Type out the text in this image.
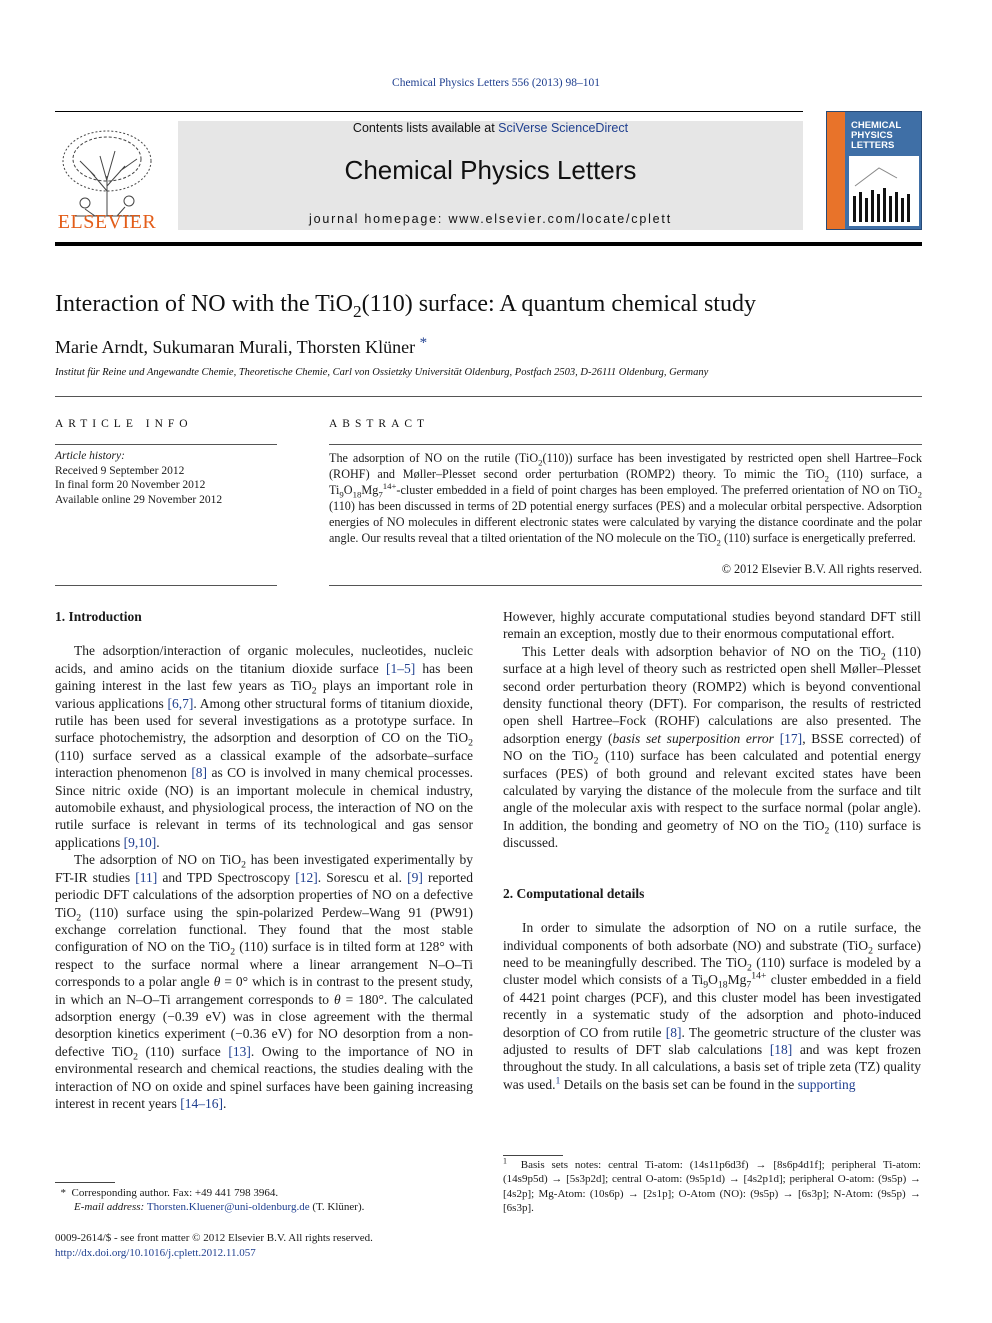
Chemical Physics Letters 556 (2013) 98–101
ELSEVIER
Contents lists available at SciVerse ScienceDirect
Chemical Physics Letters
journal homepage: www.elsevier.com/locate/cplett
CHEMICAL
PHYSICS
LETTERS
Interaction of NO with the TiO$_2$(110) surface: A quantum chemical study
Marie Arndt, Sukumaran Murali, Thorsten Klüner *
Institut für Reine und Angewandte Chemie, Theoretische Chemie, Carl von Ossietzky Universität Oldenburg, Postfach 2503, D-26111 Oldenburg, Germany
ARTICLE INFO	ABSTRACT
Article history:
Received 9 September 2012
In final form 20 November 2012
Available online 29 November 2012
The adsorption of NO on the rutile (TiO$_2$(110)) surface has been investigated by restricted open shell Hartree–Fock (ROHF) and Møller–Plesset second order perturbation (ROMP2) theory. To mimic the TiO$_2$ (110) surface, a $Ti_9O_{18}Mg_7^{14+}$-cluster embedded in a field of point charges has been employed. The preferred orientation of NO on TiO$_2$ (110) has been discussed in terms of 2D potential energy surfaces (PES) and a molecular orbital perspective. Adsorption energies of NO molecules in different electronic states were calculated by varying the distance coordinate and the polar angle. Our results reveal that a tilted orientation of the NO molecule on the TiO$_2$ (110) surface is energetically preferred.
© 2012 Elsevier B.V. All rights reserved.

1. Introduction

The adsorption/interaction of organic molecules, nucleotides, nucleic acids, and amino acids on the titanium dioxide surface [1–5] has been gaining interest in the last few years as TiO$_2$ plays an important role in various applications [6,7]. Among other structural forms of titanium dioxide, rutile has been used for several investigations as a prototype surface. In surface photochemistry, the adsorption and desorption of CO on the TiO$_2$ (110) surface served as a classical example of the adsorbate–surface interaction phenomenon [8] as CO is involved in many chemical processes. Since nitric oxide (NO) is an important molecule in chemical industry, automobile exhaust, and physiological process, the interaction of NO on the rutile surface is relevant in terms of its technological and gas sensor applications [9,10].

The adsorption of NO on TiO$_2$ has been investigated experimentally by FT-IR studies [11] and TPD Spectroscopy [12]. Sorescu et al. [9] reported periodic DFT calculations of the adsorption properties of NO on a defective TiO$_2$ (110) surface using the spin-polarized Perdew–Wang 91 (PW91) exchange correlation functional. They found that the most stable configuration of NO on the TiO$_2$ (110) surface is in tilted form at 128° with respect to the surface normal where a linear arrangement N–O–Ti corresponds to a polar angle θ = 0° which is in contrast to the present study, in which an N–O–Ti arrangement corresponds to θ = 180°. The calculated adsorption energy (−0.39 eV) was in close agreement with the thermal desorption kinetics experiment (−0.36 eV) for NO desorption from a non-defective TiO$_2$ (110) surface [13]. Owing to the importance of NO in environmental research and chemical reactions, the studies dealing with the interaction of NO on oxide and spinel surfaces have been gaining increasing interest in recent years [14–16].

However, highly accurate computational studies beyond standard DFT still remain an exception, mostly due to their enormous computational effort.

This Letter deals with adsorption behavior of NO on the TiO$_2$ (110) surface at a high level of theory such as restricted open shell Møller–Plesset second order perturbation theory (ROMP2) which is beyond conventional density functional theory (DFT). For comparison, the results of restricted open shell Hartree–Fock (ROHF) calculations are also presented. The adsorption energy (basis set superposition error [17], BSSE corrected) of NO on the TiO$_2$ (110) surface has been calculated and potential energy surfaces (PES) of both ground and relevant excited states have been calculated by varying the distance of the molecule from the surface and tilt angle of the molecular axis with respect to the surface normal (polar angle). In addition, the bonding and geometry of NO on the TiO$_2$ (110) surface is discussed.

2. Computational details

In order to simulate the adsorption of NO on a rutile surface, the individual components of both adsorbate (NO) and substrate (TiO$_2$ surface) need to be meaningfully described. The TiO$_2$ (110) surface is modeled by a cluster model which consists of a $Ti_9O_{18}Mg_7^{14+}$ cluster embedded in a field of 4421 point charges (PCF), and this cluster model has been investigated recently in a systematic study of the adsorption and photo-induced desorption of CO from rutile [8]. The geometric structure of the cluster was adjusted to results of DFT slab calculations [18] and was kept frozen throughout the study. In all calculations, a basis set of triple zeta (TZ) quality was used.$^1$ Details on the basis set can be found in the supporting

$^1$  Basis sets notes: central Ti-atom: (14s11p6d3f) → [8s6p4d1f]; peripheral Ti-atom: (14s9p5d) → [5s3p2d]; central O-atom: (9s5p1d) → [4s2p1d]; peripheral O-atom: (9s5p) → [4s2p]; Mg-Atom: (10s6p) → [2s1p]; O-Atom (NO): (9s5p) → [6s3p]; N-Atom: (9s5p) → [6s3p].
*  Corresponding author. Fax: +49 441 798 3964.
E-mail address: Thorsten.Kluener@uni-oldenburg.de (T. Klüner).
0009-2614/$ - see front matter © 2012 Elsevier B.V. All rights reserved.
http://dx.doi.org/10.1016/j.cplett.2012.11.057
